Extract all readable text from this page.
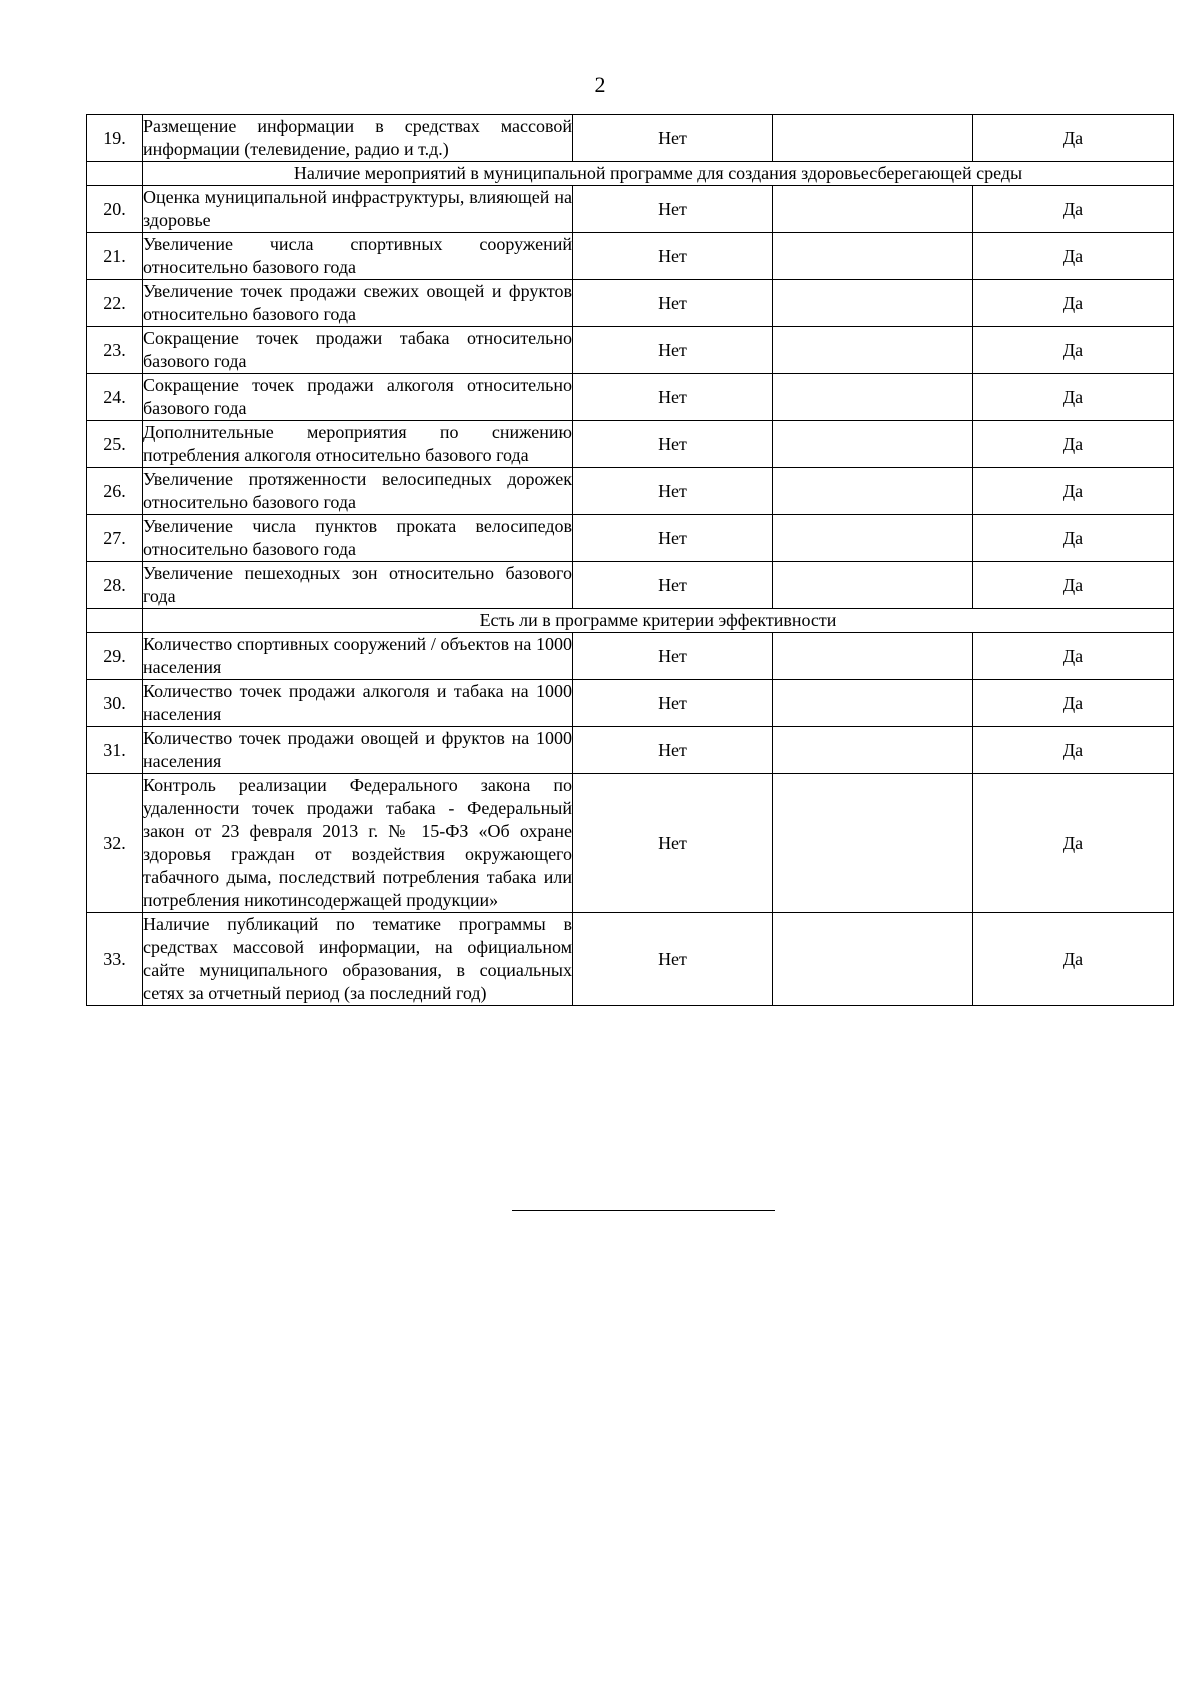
2
19.	Размещение информации в средствах массовой информации (телевидение, радио и т.д.)	Нет		Да
	Наличие мероприятий в муниципальной программе для создания здоровьесберегающей среды			
20.	Оценка муниципальной инфраструктуры, влияющей на здоровье	Нет		Да
21.	Увеличение числа спортивных сооружений относительно базового года	Нет		Да
22.	Увеличение точек продажи свежих овощей и фруктов относительно базового года	Нет		Да
23.	Сокращение точек продажи табака относительно базового года	Нет		Да
24.	Сокращение точек продажи алкоголя относительно базового года	Нет		Да
25.	Дополнительные мероприятия по снижению потребления алкоголя относительно базового года	Нет		Да
26.	Увеличение протяженности велосипедных дорожек относительно базового года	Нет		Да
27.	Увеличение числа пунктов проката велосипедов относительно базового года	Нет		Да
28.	Увеличение пешеходных зон относительно базового года	Нет		Да
	Есть ли в программе критерии эффективности			
29.	Количество спортивных сооружений / объектов на 1000 населения	Нет		Да
30.	Количество точек продажи алкоголя и табака на 1000 населения	Нет		Да
31.	Количество точек продажи овощей и фруктов на 1000 населения	Нет		Да
32.	Контроль реализации Федерального закона по удаленности точек продажи табака - Федеральный закон от 23 февраля 2013 г. № 15-ФЗ «Об охране здоровья граждан от воздействия окружающего табачного дыма, последствий потребления табака или потребления никотинсодержащей продукции»	Нет		Да
33.	Наличие публикаций по тематике программы в средствах массовой информации, на официальном сайте муниципального образования, в социальных сетях за отчетный период (за последний год)	Нет		Да
